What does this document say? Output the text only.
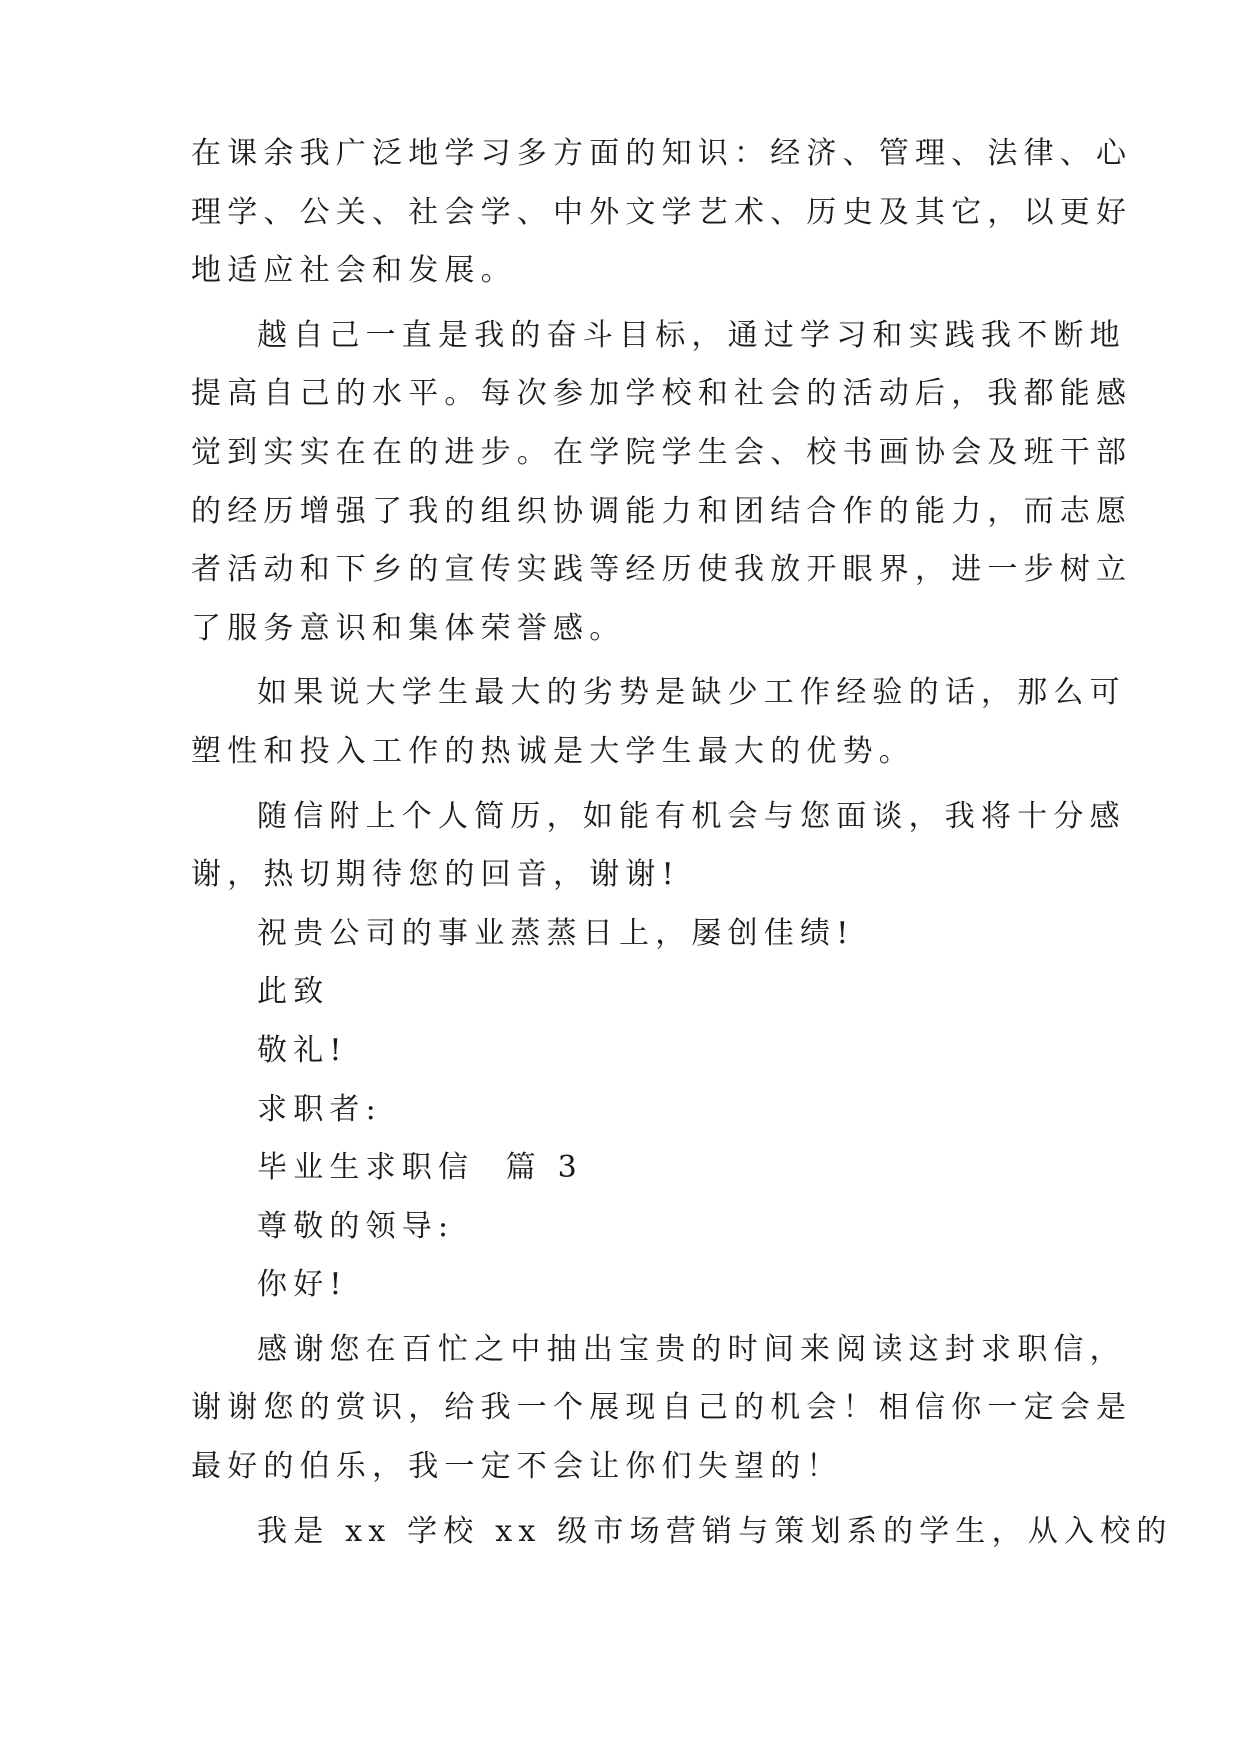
在课余我广泛地学习多方面的知识：经济、管理、法律、心
理学、公关、社会学、中外文学艺术、历史及其它，以更好
地适应社会和发展。
越自己一直是我的奋斗目标，通过学习和实践我不断地
提高自己的水平。每次参加学校和社会的活动后，我都能感
觉到实实在在的进步。在学院学生会、校书画协会及班干部
的经历增强了我的组织协调能力和团结合作的能力，而志愿
者活动和下乡的宣传实践等经历使我放开眼界，进一步树立
了服务意识和集体荣誉感。
如果说大学生最大的劣势是缺少工作经验的话，那么可
塑性和投入工作的热诚是大学生最大的优势。
随信附上个人简历，如能有机会与您面谈，我将十分感
谢，热切期待您的回音，谢谢!
祝贵公司的事业蒸蒸日上，屡创佳绩!
此致
敬礼!
求职者:
毕业生求职信  篇 3
尊敬的领导:
你好!
感谢您在百忙之中抽出宝贵的时间来阅读这封求职信，
谢谢您的赏识，给我一个展现自己的机会！相信你一定会是
最好的伯乐，我一定不会让你们失望的！
我是 xx 学校 xx 级市场营销与策划系的学生，从入校的
